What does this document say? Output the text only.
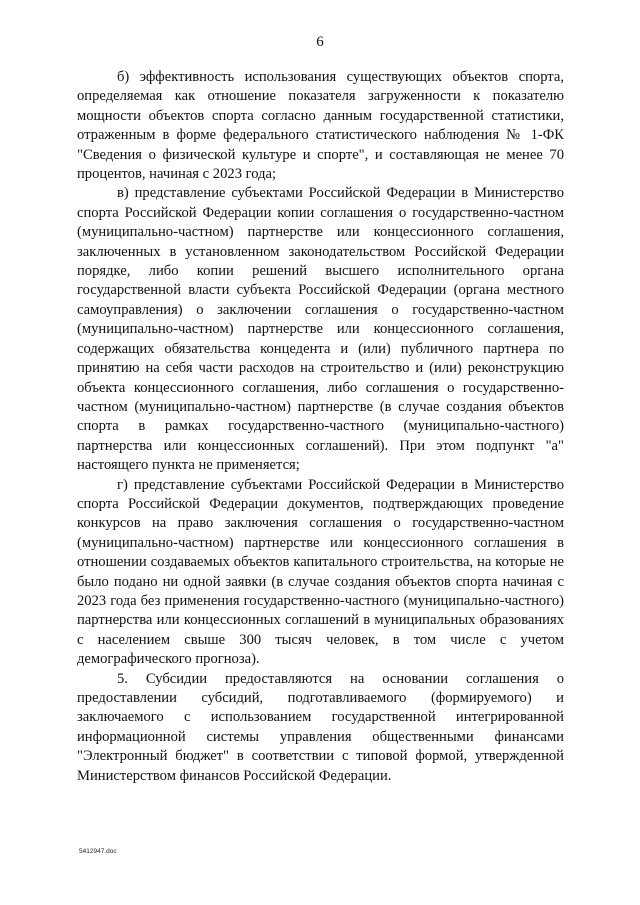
6

б) эффективность использования существующих объектов спорта, определяемая как отношение показателя загруженности к показателю мощности объектов спорта согласно данным государственной статистики, отраженным в форме федерального статистического наблюдения № 1-ФК "Сведения о физической культуре и спорте", и составляющая не менее 70 процентов, начиная с 2023 года;

в) представление субъектами Российской Федерации в Министерство спорта Российской Федерации копии соглашения о государственно-частном (муниципально-частном) партнерстве или концессионного соглашения, заключенных в установленном законодательством Российской Федерации порядке, либо копии решений высшего исполнительного органа государственной власти субъекта Российской Федерации (органа местного самоуправления) о заключении соглашения о государственно-частном (муниципально-частном) партнерстве или концессионного соглашения, содержащих обязательства концедента и (или) публичного партнера по принятию на себя части расходов на строительство и (или) реконструкцию объекта концессионного соглашения, либо соглашения о государственно-частном (муниципально-частном) партнерстве (в случае создания объектов спорта в рамках государственно-частного (муниципально-частного) партнерства или концессионных соглашений). При этом подпункт "а" настоящего пункта не применяется;

г) представление субъектами Российской Федерации в Министерство спорта Российской Федерации документов, подтверждающих проведение конкурсов на право заключения соглашения о государственно-частном (муниципально-частном) партнерстве или концессионного соглашения в отношении создаваемых объектов капитального строительства, на которые не было подано ни одной заявки (в случае создания объектов спорта начиная с 2023 года без применения государственно-частного (муниципально-частного) партнерства или концессионных соглашений в муниципальных образованиях с населением свыше 300 тысяч человек, в том числе с учетом демографического прогноза).

5. Субсидии предоставляются на основании соглашения о предоставлении субсидий, подготавливаемого (формируемого) и заключаемого с использованием государственной интегрированной информационной системы управления общественными финансами "Электронный бюджет" в соответствии с типовой формой, утвержденной Министерством финансов Российской Федерации.

5412947.doc
